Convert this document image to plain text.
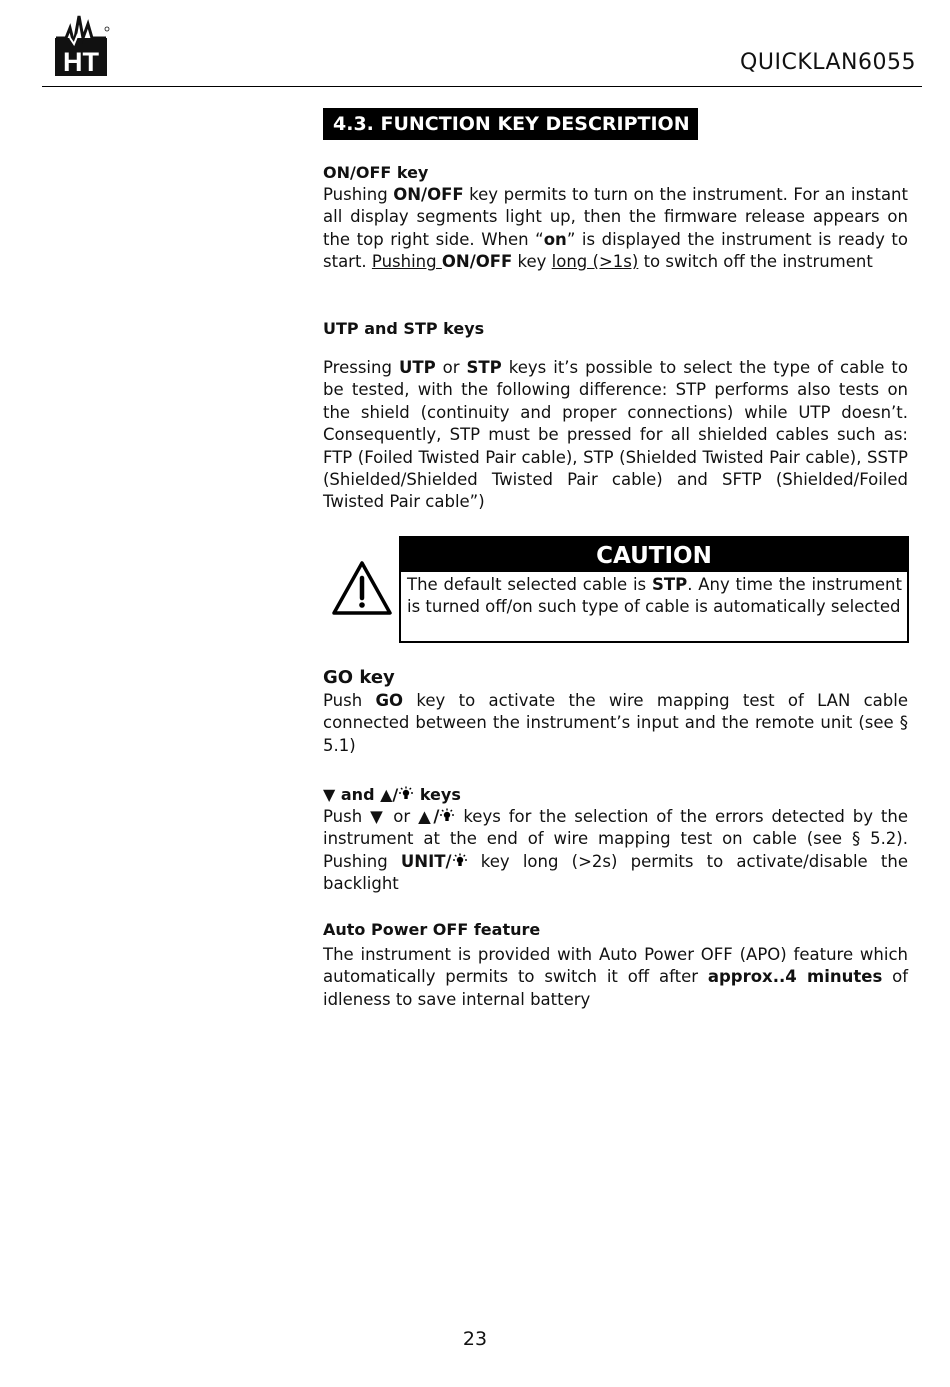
HT	QUICKLAN6055
4.3. FUNCTION KEY DESCRIPTION
ON/OFF key
Pushing ON/OFF key permits to turn on the instrument. For an instant all display segments light up, then the firmware release appears on the top right side. When “on” is displayed the instrument is ready to start. Pushing ON/OFF key long (>1s) to switch off the instrument
UTP and STP keys
Pressing UTP or STP keys it’s possible to select the type of cable to be tested, with the following difference: STP performs also tests on the shield (continuity and proper connections) while UTP doesn’t. Consequently, STP must be pressed for all shielded cables such as: FTP (Foiled Twisted Pair cable), STP (Shielded Twisted Pair cable), SSTP (Shielded/Shielded Twisted Pair cable) and SFTP (Shielded/Foiled Twisted Pair cable”)
CAUTION
The default selected cable is STP. Any time the instrument is turned off/on such type of cable is automatically selected
GO key
Push GO key to activate the wire mapping test of LAN cable connected between the instrument’s input and the remote unit (see § 5.1)
▼ and ▲/ keys
Push ▼ or ▲/ keys for the selection of the errors detected by the instrument at the end of wire mapping test on cable (see § 5.2). Pushing UNIT/ key long (>2s) permits to activate/disable the backlight
Auto Power OFF feature
The instrument is provided with Auto Power OFF (APO) feature which automatically permits to switch it off after approx..4 minutes of idleness to save internal battery
23
